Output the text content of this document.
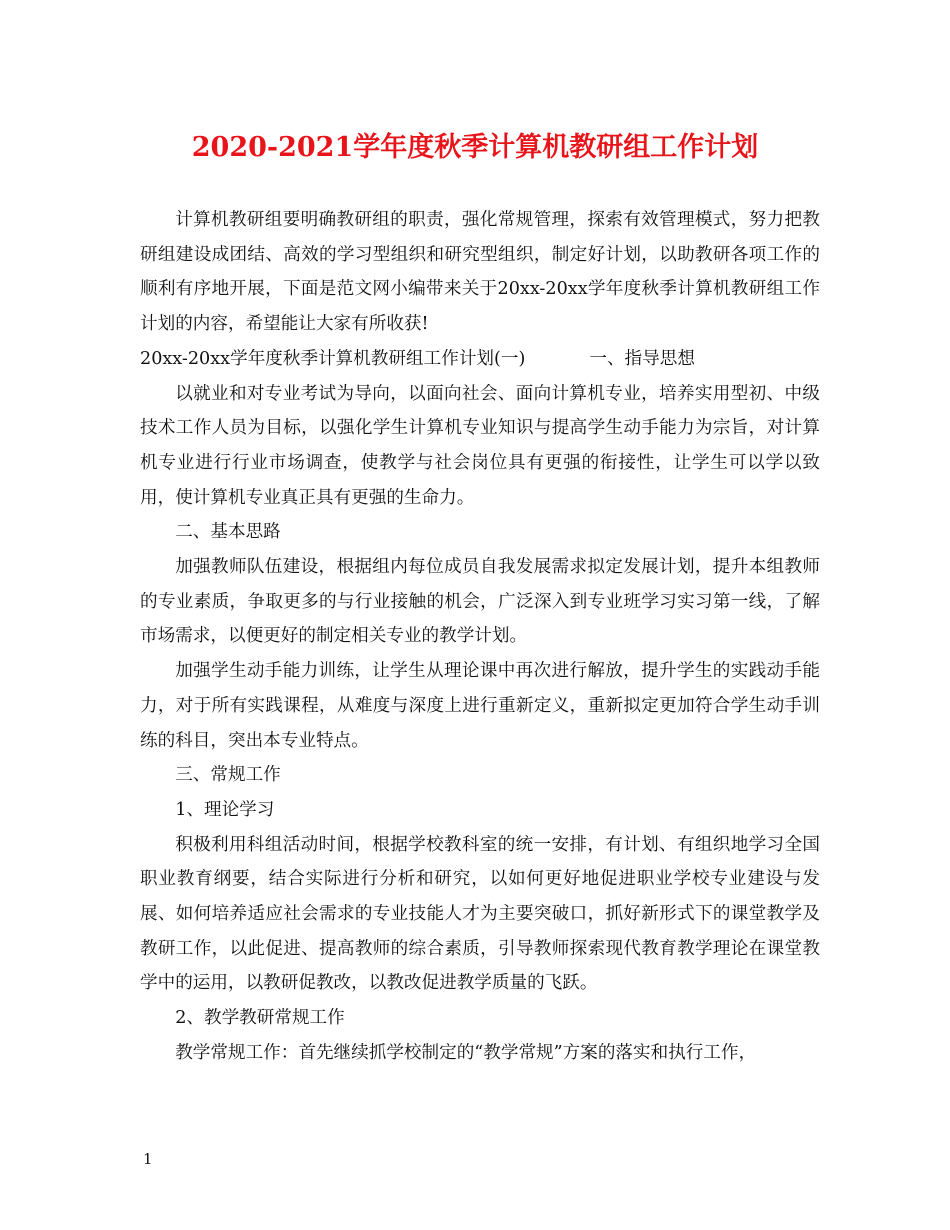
2020-2021学年度秋季计算机教研组工作计划

计算机教研组要明确教研组的职责，强化常规管理，探索有效管理模式，努力把教研组建设成团结、高效的学习型组织和研究型组织，制定好计划，以助教研各项工作的顺利有序地开展，下面是范文网小编带来关于20xx-20xx学年度秋季计算机教研组工作计划的内容，希望能让大家有所收获!

20xx-20xx学年度秋季计算机教研组工作计划(一)	一、指导思想

以就业和对专业考试为导向，以面向社会、面向计算机专业，培养实用型初、中级技术工作人员为目标，以强化学生计算机专业知识与提高学生动手能力为宗旨，对计算机专业进行行业市场调查，使教学与社会岗位具有更强的衔接性，让学生可以学以致用，使计算机专业真正具有更强的生命力。

二、基本思路

加强教师队伍建设，根据组内每位成员自我发展需求拟定发展计划，提升本组教师的专业素质，争取更多的与行业接触的机会，广泛深入到专业班学习实习第一线，了解市场需求，以便更好的制定相关专业的教学计划。

加强学生动手能力训练，让学生从理论课中再次进行解放，提升学生的实践动手能力，对于所有实践课程，从难度与深度上进行重新定义，重新拟定更加符合学生动手训练的科目，突出本专业特点。

三、常规工作

1、理论学习

积极利用科组活动时间，根据学校教科室的统一安排，有计划、有组织地学习全国职业教育纲要，结合实际进行分析和研究，以如何更好地促进职业学校专业建设与发展、如何培养适应社会需求的专业技能人才为主要突破口，抓好新形式下的课堂教学及教研工作，以此促进、提高教师的综合素质，引导教师探索现代教育教学理论在课堂教学中的运用，以教研促教改，以教改促进教学质量的飞跃。

2、教学教研常规工作

教学常规工作：首先继续抓学校制定的“教学常规”方案的落实和执行工作，

1
